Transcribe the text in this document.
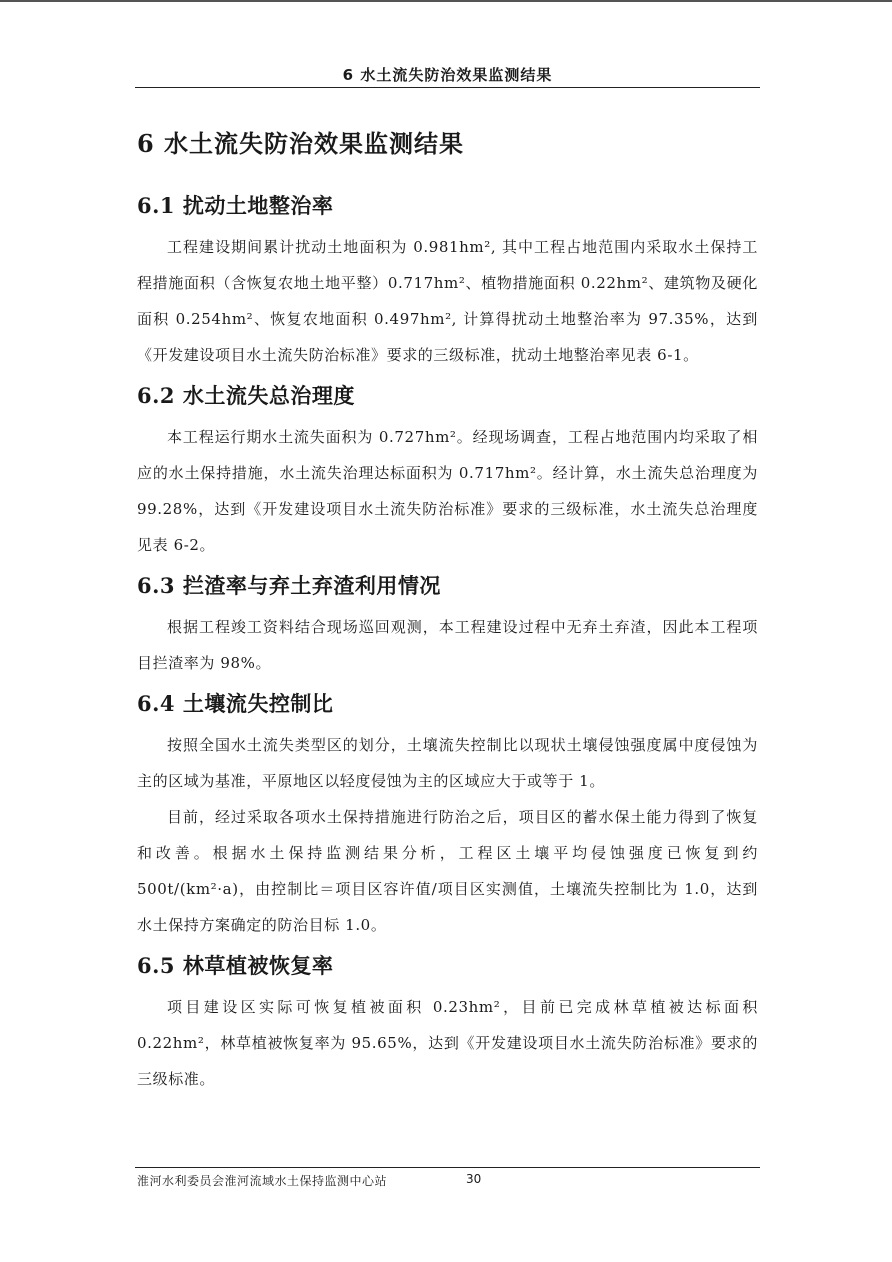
6 水土流失防治效果监测结果
6 水土流失防治效果监测结果
6.1 扰动土地整治率

工程建设期间累计扰动土地面积为 0.981hm², 其中工程占地范围内采取水土保持工程措施面积（含恢复农地土地平整）0.717hm²、植物措施面积 0.22hm²、建筑物及硬化面积 0.254hm²、恢复农地面积 0.497hm², 计算得扰动土地整治率为 97.35%，达到《开发建设项目水土流失防治标准》要求的三级标准，扰动土地整治率见表 6-1。

6.2 水土流失总治理度

本工程运行期水土流失面积为 0.727hm²。经现场调查，工程占地范围内均采取了相应的水土保持措施，水土流失治理达标面积为 0.717hm²。经计算，水土流失总治理度为 99.28%，达到《开发建设项目水土流失防治标准》要求的三级标准，水土流失总治理度见表 6-2。

6.3 拦渣率与弃土弃渣利用情况

根据工程竣工资料结合现场巡回观测，本工程建设过程中无弃土弃渣，因此本工程项目拦渣率为 98%。

6.4 土壤流失控制比

按照全国水土流失类型区的划分，土壤流失控制比以现状土壤侵蚀强度属中度侵蚀为主的区域为基准，平原地区以轻度侵蚀为主的区域应大于或等于 1。

目前，经过采取各项水土保持措施进行防治之后，项目区的蓄水保土能力得到了恢复和改善。根据水土保持监测结果分析，工程区土壤平均侵蚀强度已恢复到约 500t/(km²·a)，由控制比＝项目区容许值/项目区实测值，土壤流失控制比为 1.0，达到水土保持方案确定的防治目标 1.0。

6.5 林草植被恢复率

项目建设区实际可恢复植被面积 0.23hm²，目前已完成林草植被达标面积 0.22hm²，林草植被恢复率为 95.65%，达到《开发建设项目水土流失防治标准》要求的三级标准。

淮河水利委员会淮河流域水土保持监测中心站	30
